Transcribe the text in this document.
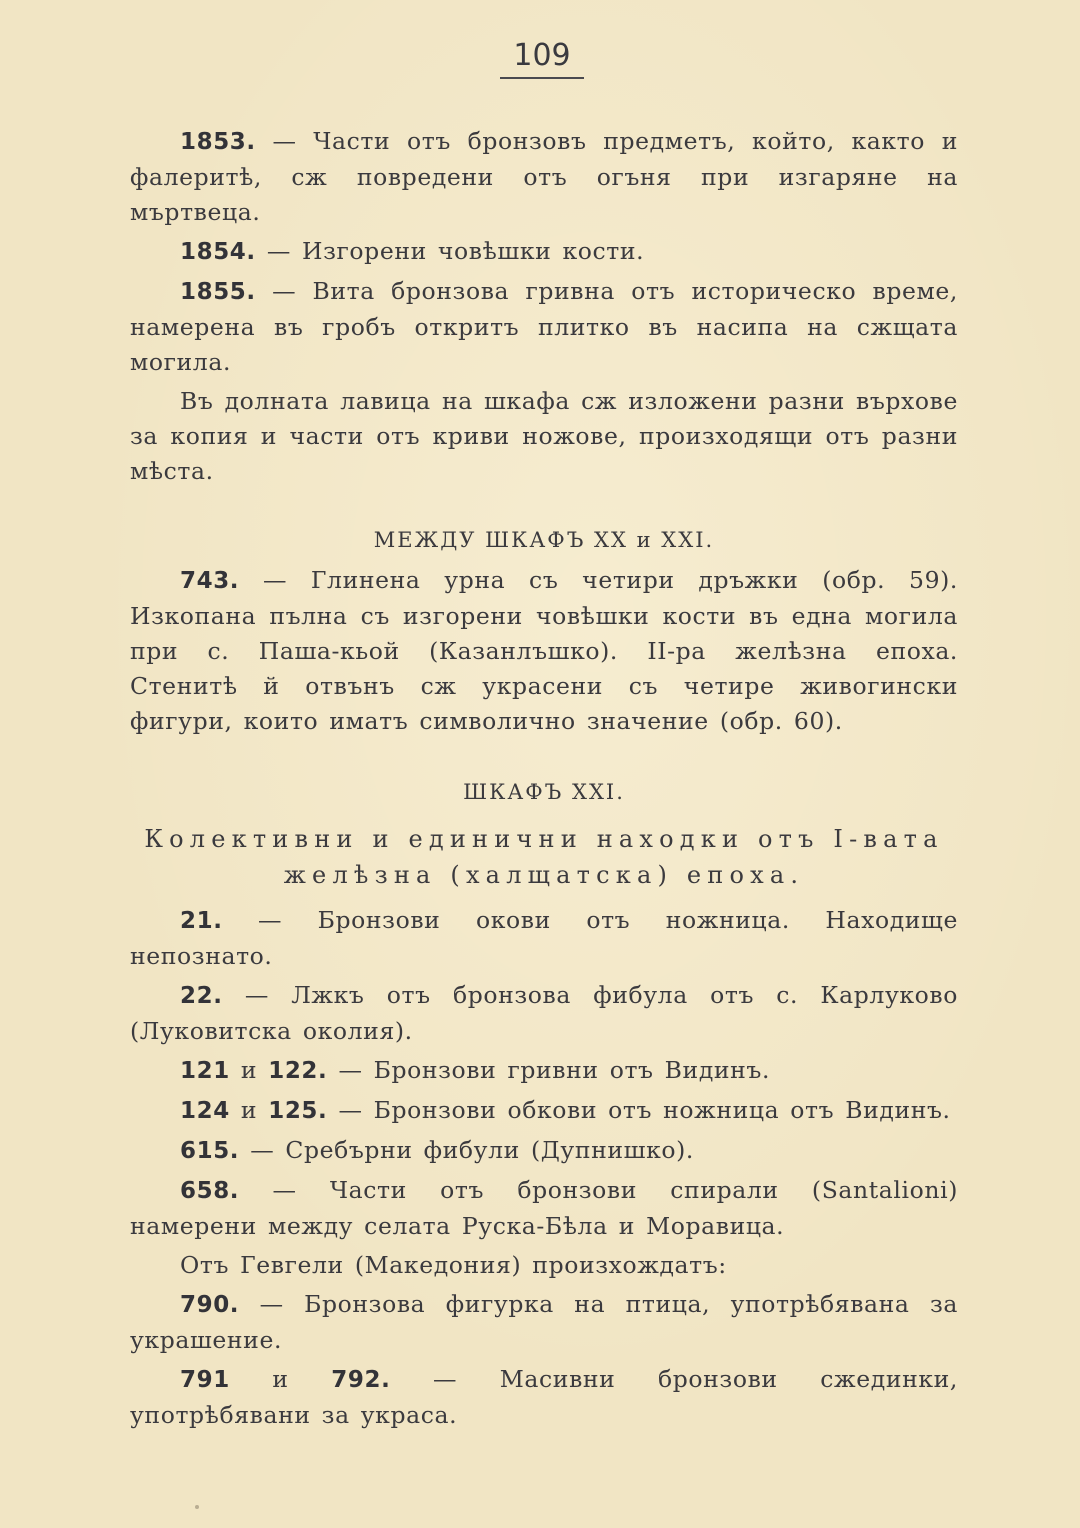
109

1853. — Части отъ бронзовъ предметъ, който, както и фалеритѣ, сж повредени отъ огъня при изгаряне на мъртвеца.

1854. — Изгорени човѣшки кости.

1855. — Вита бронзова гривна отъ историческо време, намерена въ гробъ откритъ плитко въ насипа на сжщата могила.

Въ долната лавица на шкафа сж изложени разни върхове за копия и части отъ криви ножове, произходящи отъ разни мѣста.

МЕЖДУ ШКАФЪ XX и XXI.

743. — Глинена урна съ четири дръжки (обр. 59). Изкопана пълна съ изгорени човѣшки кости въ една могила при с. Паша-кьой (Казанлъшко). II-ра желѣзна епоха. Стенитѣ й отвънъ сж украсени съ четире живогински фигури, които иматъ символично значение (обр. 60).

ШКАФЪ XXI.

Колективни и единични находки отъ I-вата
желѣзна (халщатска) епоха.

21. — Бронзови окови отъ ножница. Находище непознато.

22. — Лжкъ отъ бронзова фибула отъ с. Карлуково (Луковитска околия).

121 и 122. — Бронзови гривни отъ Видинъ.

124 и 125. — Бронзови обкови отъ ножница отъ Видинъ.

615. — Сребърни фибули (Дупнишко).

658. — Части отъ бронзови спирали (Santalioni) намерени между селата Руска-Бѣла и Моравица.

Отъ Гевгели (Македония) произхождатъ:

790. — Бронзова фигурка на птица, употрѣбявана за украшение.

791 и 792. — Масивни бронзови сжединки, употрѣбявани за украса.
